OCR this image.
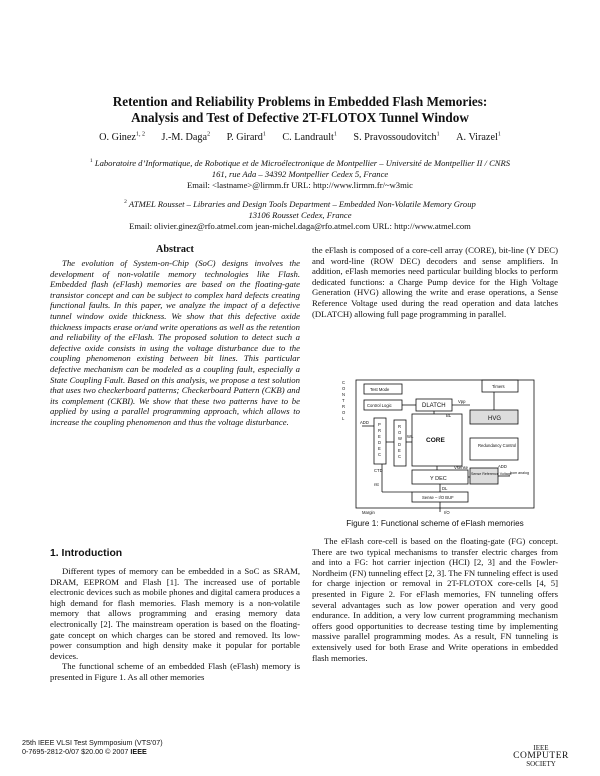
Retention and Reliability Problems in Embedded Flash Memories:
Analysis and Test of Defective 2T-FLOTOX Tunnel Window
O. Ginez$^{1, 2}$ J.-M. Daga$^2$ P. Girard$^1$ C. Landrault$^1$ S. Pravossoudovitch$^1$ A. Virazel$^1$
$^1$ Laboratoire d’Informatique, de Robotique et de Microélectronique de Montpellier – Université de Montpellier II / CNRS
161, rue Ada – 34392 Montpellier Cedex 5, France
Email: <lastname>@lirmm.fr URL: http://www.lirmm.fr/~w3mic
$^2$ ATMEL Rousset – Libraries and Design Tools Department – Embedded Non-Volatile Memory Group
13106 Rousset Cedex, France
Email: olivier.ginez@rfo.atmel.com jean-michel.daga@rfo.atmel.com URL: http://www.atmel.com
Abstract

The evolution of System-on-Chip (SoC) designs involves the development of non-volatile memory technologies like Flash. Embedded flash (eFlash) memories are based on the floating-gate transistor concept and can be subject to complex hard defects creating functional faults. In this paper, we analyze the impact of a defective tunnel window oxide thickness. We show that this defective oxide thickness impacts erase or/and write operations as well as the retention and reliability of the eFlash. The proposed solution to detect such a defective oxide consists in using the voltage disturbance due to the coupling phenomenon existing between bit lines. This particular defective mechanism can be modeled as a coupling fault, especially a State Coupling Fault. Based on this analysis, we propose a test solution that uses two checkerboard patterns; Checkerboard Pattern (CKB) and its complement (CKBI). We show that these two patterns have to be applied by using a parallel programming approach, which allows to increase the coupling phenomenon and thus the voltage disturbance.

1. Introduction

Different types of memory can be embedded in a SoC as SRAM, DRAM, EEPROM and Flash [1]. The increased use of portable electronic devices such as mobile phones and digital camera produces a high demand for flash memories. Flash memory is a non-volatile memory that allows programming and erasing memory data electronically [2]. The mainstream operation is based on the floating-gate concept on which charges can be stored and removed. Its low-power consumption and high density make it popular for portable devices.

The functional scheme of an embedded Flash (eFlash) memory is presented in Figure 1. As all other memories

the eFlash is composed of a core-cell array (CORE), bit-line (Y DEC) and word-line (ROW DEC) decoders and sense amplifiers. In addition, eFlash memories need particular building blocks to perform dedicated functions: a Charge Pump device for the High Voltage Generation (HVG) allowing the write and erase operations, a Sense Reference Voltage used during the read operation and data latches (DLATCH) allowing full page programming in parallel.

C
O
N
T
R
O
L
Test Mode
Control Logic	DLATCH
Timers
HVG
Vpp
BL
ADD P
R
E
D
E
C
R
O
W
D
E
C
WL
CORE
Redundancy Control
ADD
Y DEC
Vsense
Sense Reference Voltage
from analog
Sense – I/O BUF
DL
CTD
rst
Margin	I/O
Figure 1: Functional scheme of eFlash memories

The eFlash core-cell is based on the floating-gate (FG) concept. There are two typical mechanisms to transfer electric charges from and into a FG: hot carrier injection (HCI) [2, 3] and the Fowler-Nordheim (FN) tunneling effect [2, 3]. The FN tunneling effect is used for charge injection or removal in 2T-FLOTOX core-cells [4, 5] presented in Figure 2. For eFlash memories, FN tunneling offers several advantages such as low power operation and very good endurance. In addition, a very low current programming mechanism offers good opportunities to decrease testing time by implementing massive parallel programming modes. As a result, FN tunneling is extensively used for both Erase and Write operations in embedded flash memories.

25th IEEE VLSI Test Symmposium (VTS'07)
0-7695-2812-0/07 $20.00 © 2007 IEEE	IEEE
COMPUTER
SOCIETY
